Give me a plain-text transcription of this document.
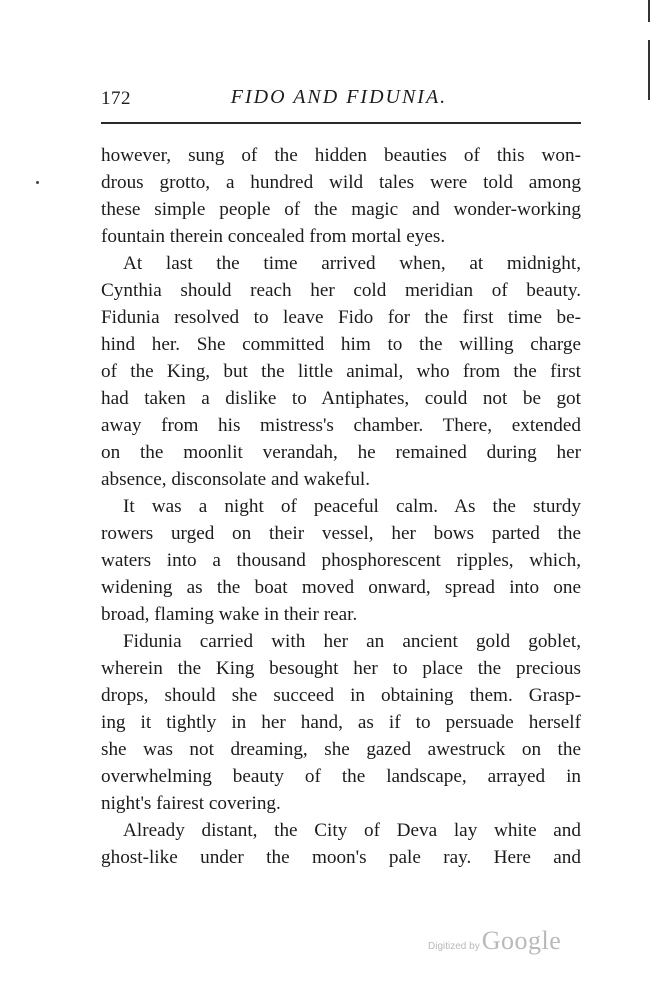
172	FIDO AND FIDUNIA.
however, sung of the hidden beauties of this won-
drous grotto, a hundred wild tales were told among
these simple people of the magic and wonder-working
fountain therein concealed from mortal eyes.
At last the time arrived when, at midnight,
Cynthia should reach her cold meridian of beauty.
Fidunia resolved to leave Fido for the first time be-
hind her. She committed him to the willing charge
of the King, but the little animal, who from the first
had taken a dislike to Antiphates, could not be got
away from his mistress's chamber. There, extended
on the moonlit verandah, he remained during her
absence, disconsolate and wakeful.
It was a night of peaceful calm. As the sturdy
rowers urged on their vessel, her bows parted the
waters into a thousand phosphorescent ripples, which,
widening as the boat moved onward, spread into one
broad, flaming wake in their rear.
Fidunia carried with her an ancient gold goblet,
wherein the King besought her to place the precious
drops, should she succeed in obtaining them. Grasp-
ing it tightly in her hand, as if to persuade herself
she was not dreaming, she gazed awestruck on the
overwhelming beauty of the landscape, arrayed in
night's fairest covering.
Already distant, the City of Deva lay white and
ghost-like under the moon's pale ray. Here and
Digitized by Google
